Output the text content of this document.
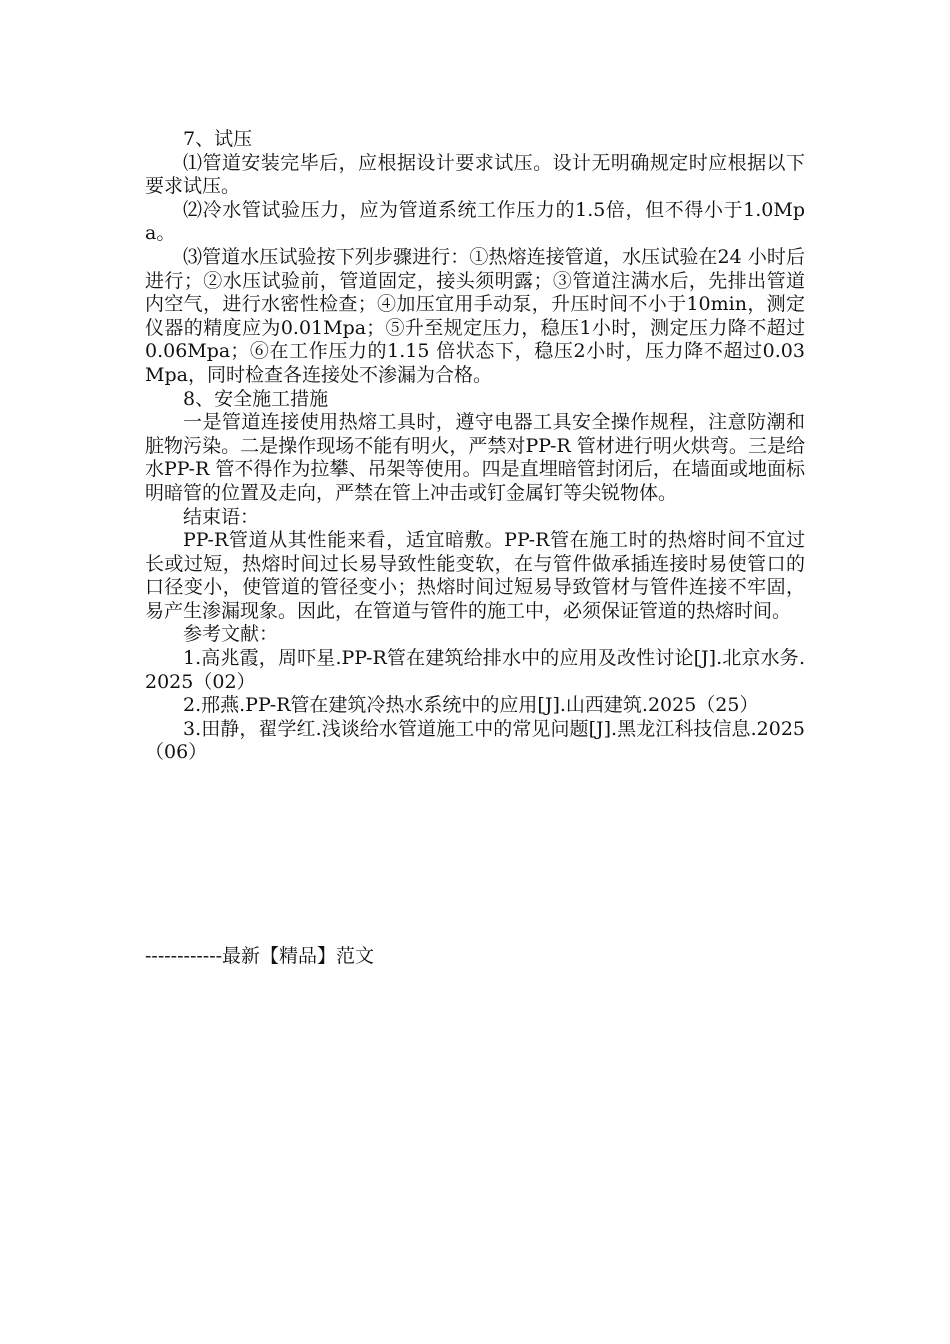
7、试压

⑴管道安装完毕后，应根据设计要求试压。设计无明确规定时应根据以下要求试压。

⑵冷水管试验压力，应为管道系统工作压力的1.5倍，但不得小于1.0Mpa。

⑶管道水压试验按下列步骤进行：①热熔连接管道，水压试验在24 小时后进行；②水压试验前，管道固定，接头须明露；③管道注满水后，先排出管道内空气，进行水密性检查；④加压宜用手动泵，升压时间不小于10min，测定仪器的精度应为0.01Mpa；⑤升至规定压力，稳压1小时，测定压力降不超过0.06Mpa；⑥在工作压力的1.15 倍状态下，稳压2小时，压力降不超过0.03Mpa，同时检查各连接处不渗漏为合格。

8、安全施工措施

一是管道连接使用热熔工具时，遵守电器工具安全操作规程，注意防潮和脏物污染。二是操作现场不能有明火，严禁对PP-R 管材进行明火烘弯。三是给水PP-R 管不得作为拉攀、吊架等使用。四是直埋暗管封闭后，在墙面或地面标明暗管的位置及走向，严禁在管上冲击或钉金属钉等尖锐物体。

结束语：

PP-R管道从其性能来看，适宜暗敷。PP-R管在施工时的热熔时间不宜过长或过短，热熔时间过长易导致性能变软，在与管件做承插连接时易使管口的口径变小，使管道的管径变小；热熔时间过短易导致管材与管件连接不牢固，易产生渗漏现象。因此，在管道与管件的施工中，必须保证管道的热熔时间。

参考文献：

1.高兆霞，周吓星.PP-R管在建筑给排水中的应用及改性讨论[J].北京水务.2025（02）

2.邢燕.PP-R管在建筑冷热水系统中的应用[J].山西建筑.2025（25）

3.田静，翟学红.浅谈给水管道施工中的常见问题[J].黑龙江科技信息.2025（06）

------------最新【精品】范文
